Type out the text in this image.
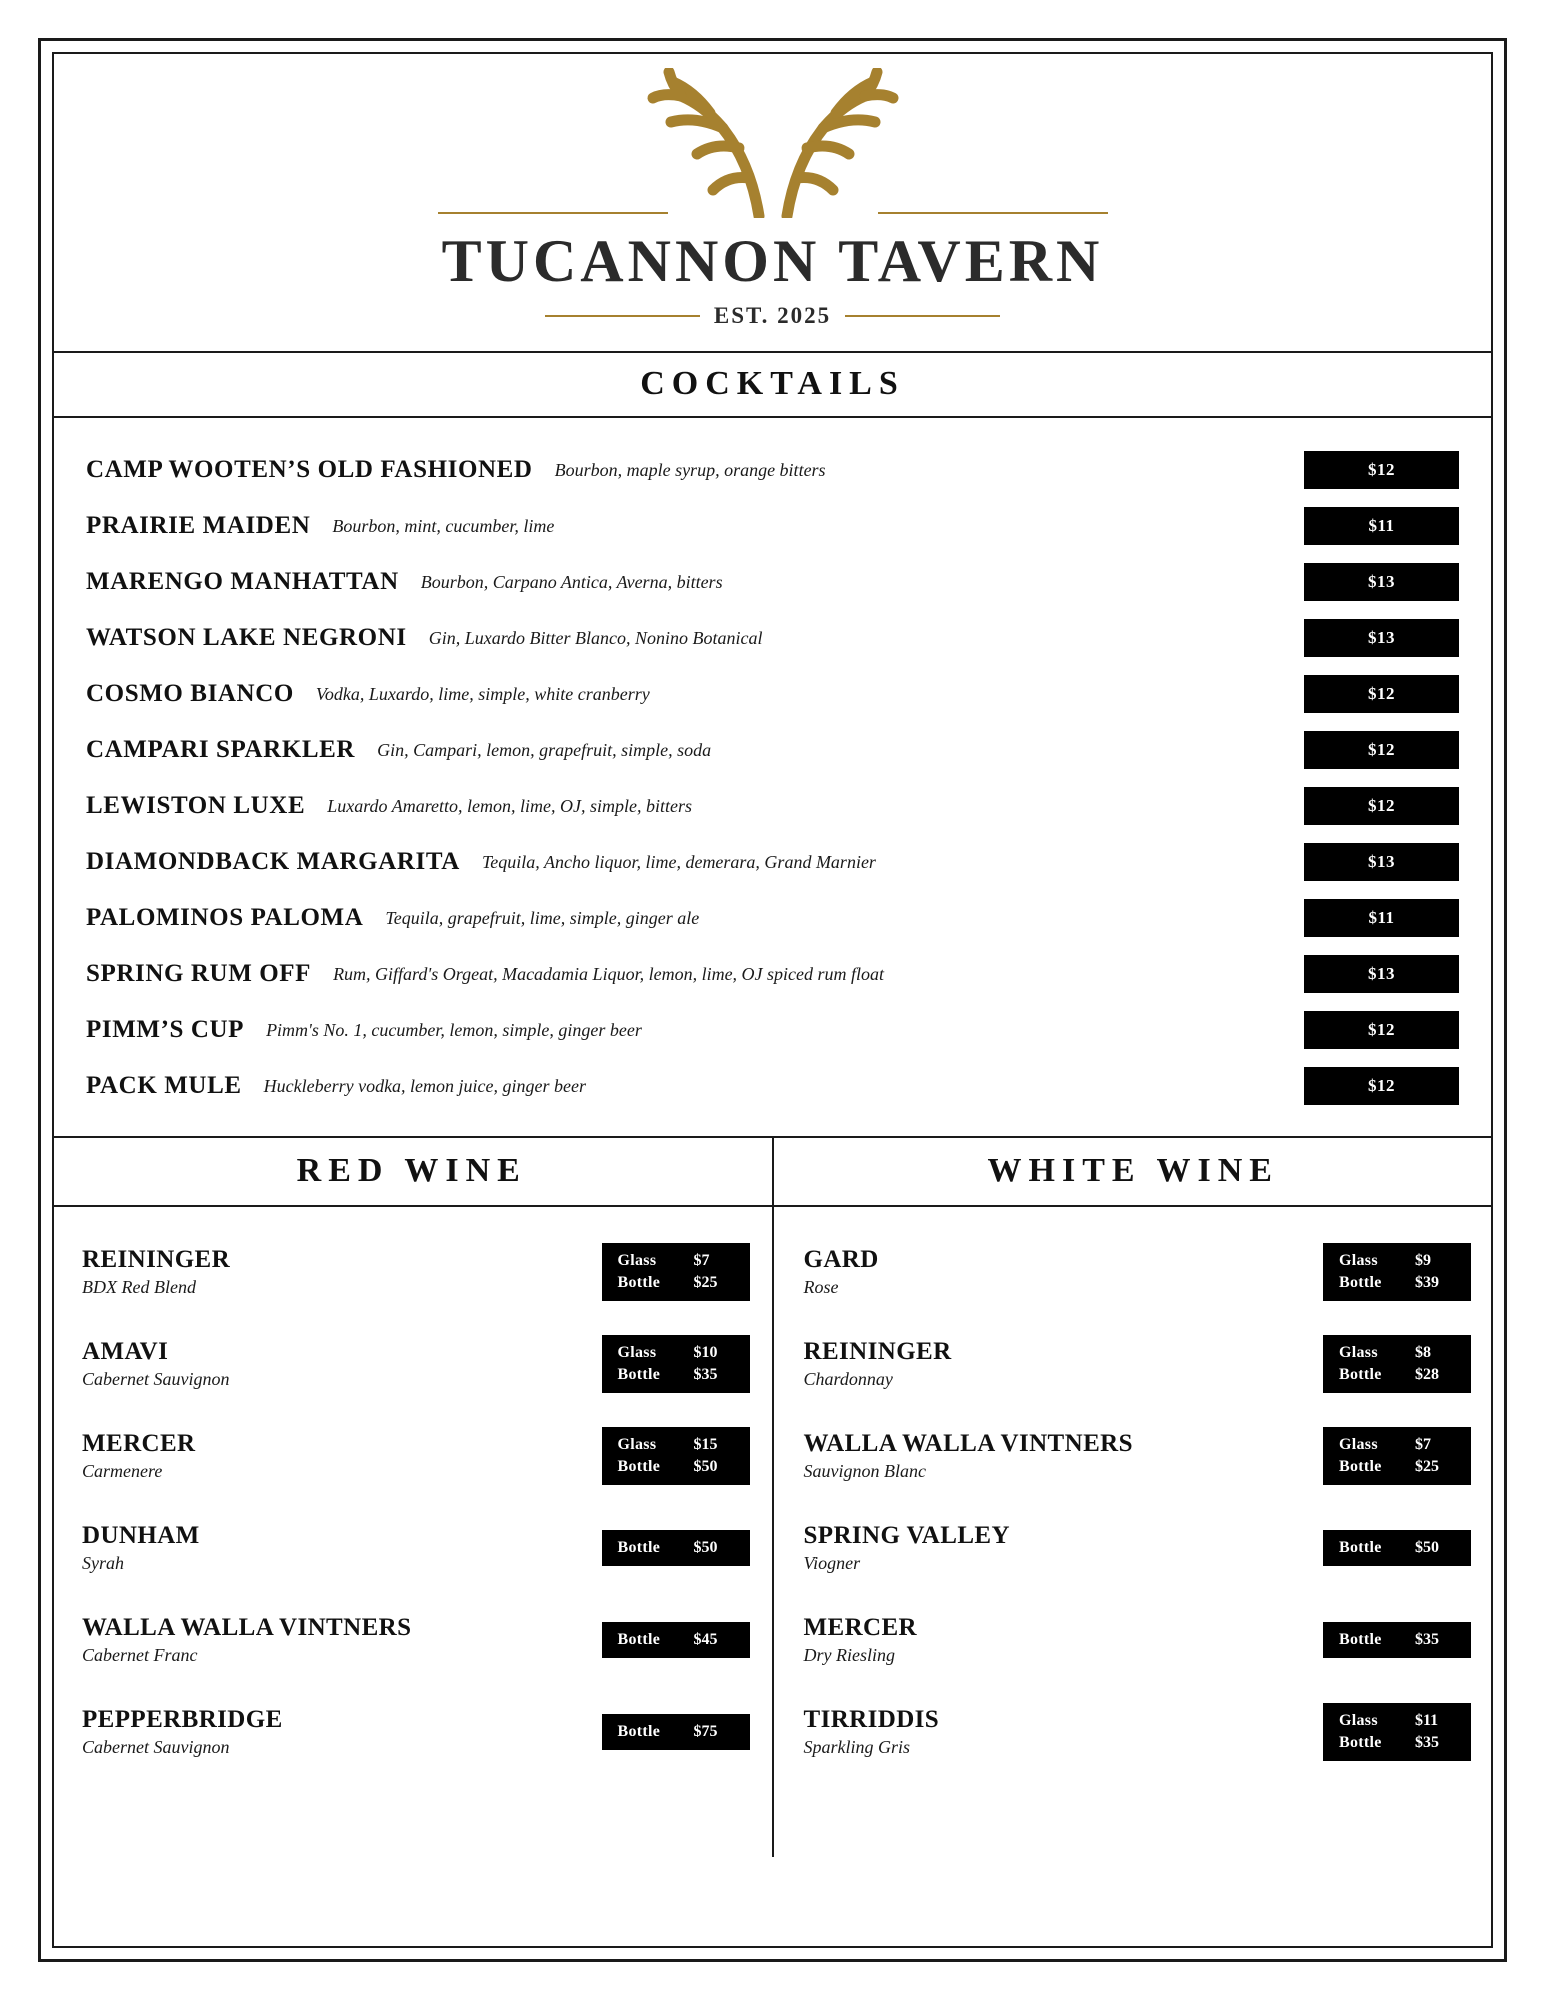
TUCANNON TAVERN
EST. 2025
COCKTAILS
CAMP WOOTEN’S OLD FASHIONED Bourbon, maple syrup, orange bitters	$12
PRAIRIE MAIDEN Bourbon, mint, cucumber, lime	$11
MARENGO MANHATTAN Bourbon, Carpano Antica, Averna, bitters	$13
WATSON LAKE NEGRONI Gin, Luxardo Bitter Blanco, Nonino Botanical	$13
COSMO BIANCO Vodka, Luxardo, lime, simple, white cranberry	$12
CAMPARI SPARKLER Gin, Campari, lemon, grapefruit, simple, soda	$12
LEWISTON LUXE Luxardo Amaretto, lemon, lime, OJ, simple, bitters	$12
DIAMONDBACK MARGARITA Tequila, Ancho liquor, lime, demerara, Grand Marnier	$13
PALOMINOS PALOMA Tequila, grapefruit, lime, simple, ginger ale	$11
SPRING RUM OFF Rum, Giffard's Orgeat, Macadamia Liquor, lemon, lime, OJ spiced rum float	$13
PIMM’S CUP Pimm's No. 1, cucumber, lemon, simple, ginger beer	$12
PACK MULE Huckleberry vodka, lemon juice, ginger beer	$12
RED WINE	WHITE WINE
REININGER
BDX Red Blend
Glass $7
Bottle $25
AMAVI
Cabernet Sauvignon
Glass $10
Bottle $35
MERCER
Carmenere
Glass $15
Bottle $50
DUNHAM
Syrah
Bottle $50
WALLA WALLA VINTNERS
Cabernet Franc
Bottle $45
PEPPERBRIDGE
Cabernet Sauvignon
Bottle $75
GARD
Rose
Glass $9
Bottle $39
REININGER
Chardonnay
Glass $8
Bottle $28
WALLA WALLA VINTNERS
Sauvignon Blanc
Glass $7
Bottle $25
SPRING VALLEY
Viogner
Bottle $50
MERCER
Dry Riesling
Bottle $35
TIRRIDDIS
Sparkling Gris
Glass $11
Bottle $35
